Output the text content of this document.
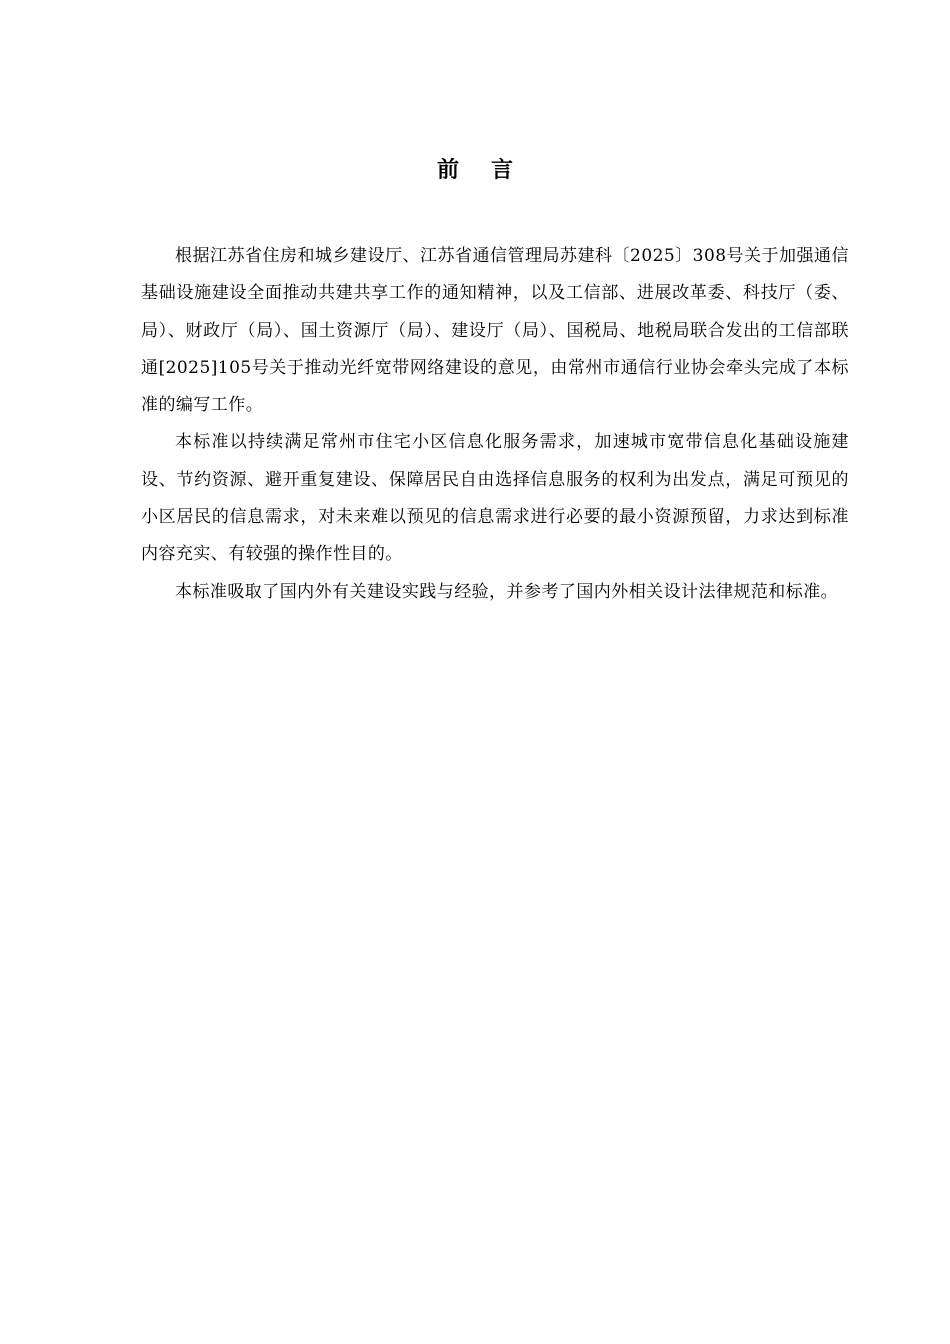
前言

根据江苏省住房和城乡建设厅、江苏省通信管理局苏建科〔2025〕308号关于加强通信基础设施建设全面推动共建共享工作的通知精神，以及工信部、进展改革委、科技厅（委、局）、财政厅（局）、国土资源厅（局）、建设厅（局）、国税局、地税局联合发出的工信部联通[2025]105号关于推动光纤宽带网络建设的意见，由常州市通信行业协会牵头完成了本标准的编写工作。

本标准以持续满足常州市住宅小区信息化服务需求，加速城市宽带信息化基础设施建设、节约资源、避开重复建设、保障居民自由选择信息服务的权利为出发点，满足可预见的小区居民的信息需求，对未来难以预见的信息需求进行必要的最小资源预留，力求达到标准内容充实、有较强的操作性目的。

本标准吸取了国内外有关建设实践与经验，并参考了国内外相关设计法律规范和标准。
